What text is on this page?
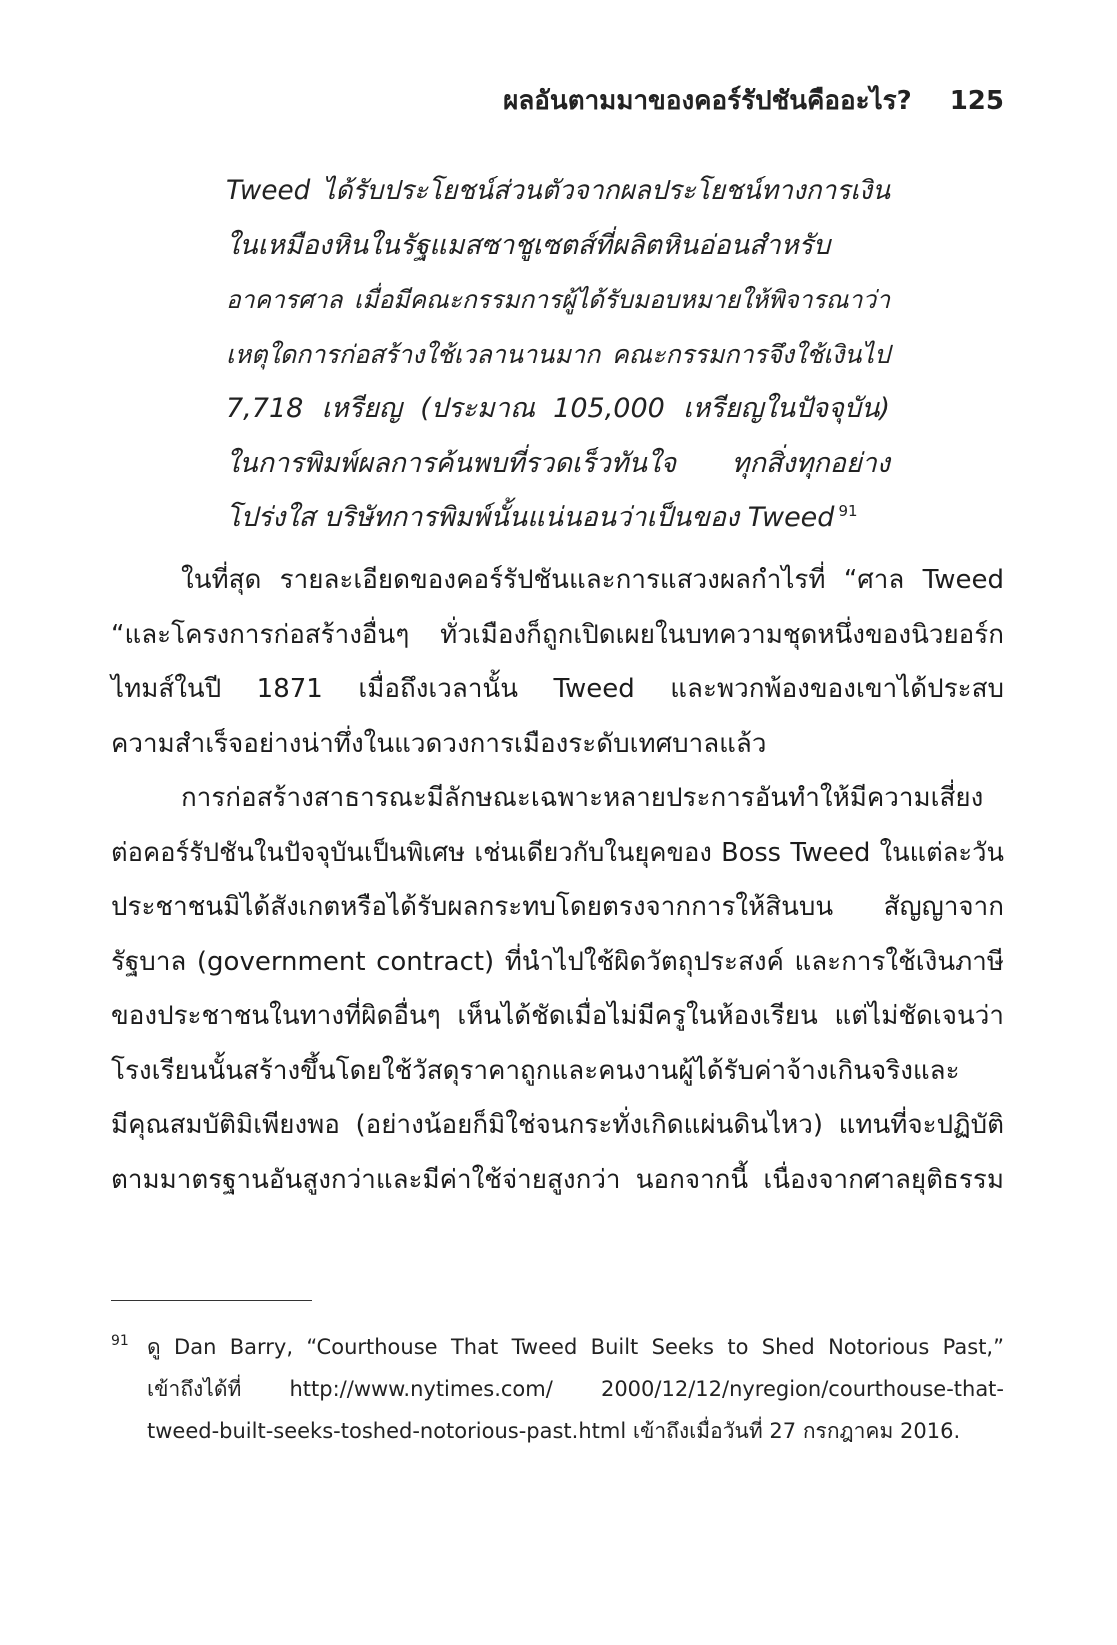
ผลอันตามมาของคอร์รัปชันคืออะไร? 125
Tweed ได้รับประโยชน์ส่วนตัวจากผลประโยชน์ทางการเงิน
ในเหมืองหินในรัฐแมสซาชูเซตส์ที่ผลิตหินอ่อนสำหรับ
อาคารศาล เมื่อมีคณะกรรมการผู้ได้รับมอบหมายให้พิจารณาว่า
เหตุใดการก่อสร้างใช้เวลานานมาก คณะกรรมการจึงใช้เงินไป
7,718 เหรียญ (ประมาณ 105,000 เหรียญในปัจจุบัน)
ในการพิมพ์ผลการค้นพบที่รวดเร็วทันใจ ทุกสิ่งทุกอย่าง
โปร่งใส บริษัทการพิมพ์นั้นแน่นอนว่าเป็นของ Tweed $^{91}$
ในที่สุด รายละเอียดของคอร์รัปชันและการแสวงผลกำไรที่ “ศาล Tweed
“และโครงการก่อสร้างอื่นๆ ทั่วเมืองก็ถูกเปิดเผยในบทความชุดหนึ่งของนิวยอร์ก
ไทมส์ในปี 1871 เมื่อถึงเวลานั้น Tweed และพวกพ้องของเขาได้ประสบ
ความสำเร็จอย่างน่าทึ่งในแวดวงการเมืองระดับเทศบาลแล้ว
การก่อสร้างสาธารณะมีลักษณะเฉพาะหลายประการอันทำให้มีความเสี่ยง
ต่อคอร์รัปชันในปัจจุบันเป็นพิเศษ เช่นเดียวกับในยุคของ Boss Tweed ในแต่ละวัน
ประชาชนมิได้สังเกตหรือได้รับผลกระทบโดยตรงจากการให้สินบน สัญญาจาก
รัฐบาล (government contract) ที่นำไปใช้ผิดวัตถุประสงค์ และการใช้เงินภาษี
ของประชาชนในทางที่ผิดอื่นๆ เห็นได้ชัดเมื่อไม่มีครูในห้องเรียน แต่ไม่ชัดเจนว่า
โรงเรียนนั้นสร้างขึ้นโดยใช้วัสดุราคาถูกและคนงานผู้ได้รับค่าจ้างเกินจริงและ
มีคุณสมบัติมิเพียงพอ (อย่างน้อยก็มิใช่จนกระทั่งเกิดแผ่นดินไหว) แทนที่จะปฏิบัติ
ตามมาตรฐานอันสูงกว่าและมีค่าใช้จ่ายสูงกว่า นอกจากนี้ เนื่องจากศาลยุติธรรม
91 ดู Dan Barry, “Courthouse That Tweed Built Seeks to Shed Notorious Past,”
เข้าถึงได้ที่ http://www.nytimes.com/ 2000/12/12/nyregion/courthouse-that-
tweed-built-seeks-toshed-notorious-past.html เข้าถึงเมื่อวันที่ 27 กรกฎาคม 2016.
